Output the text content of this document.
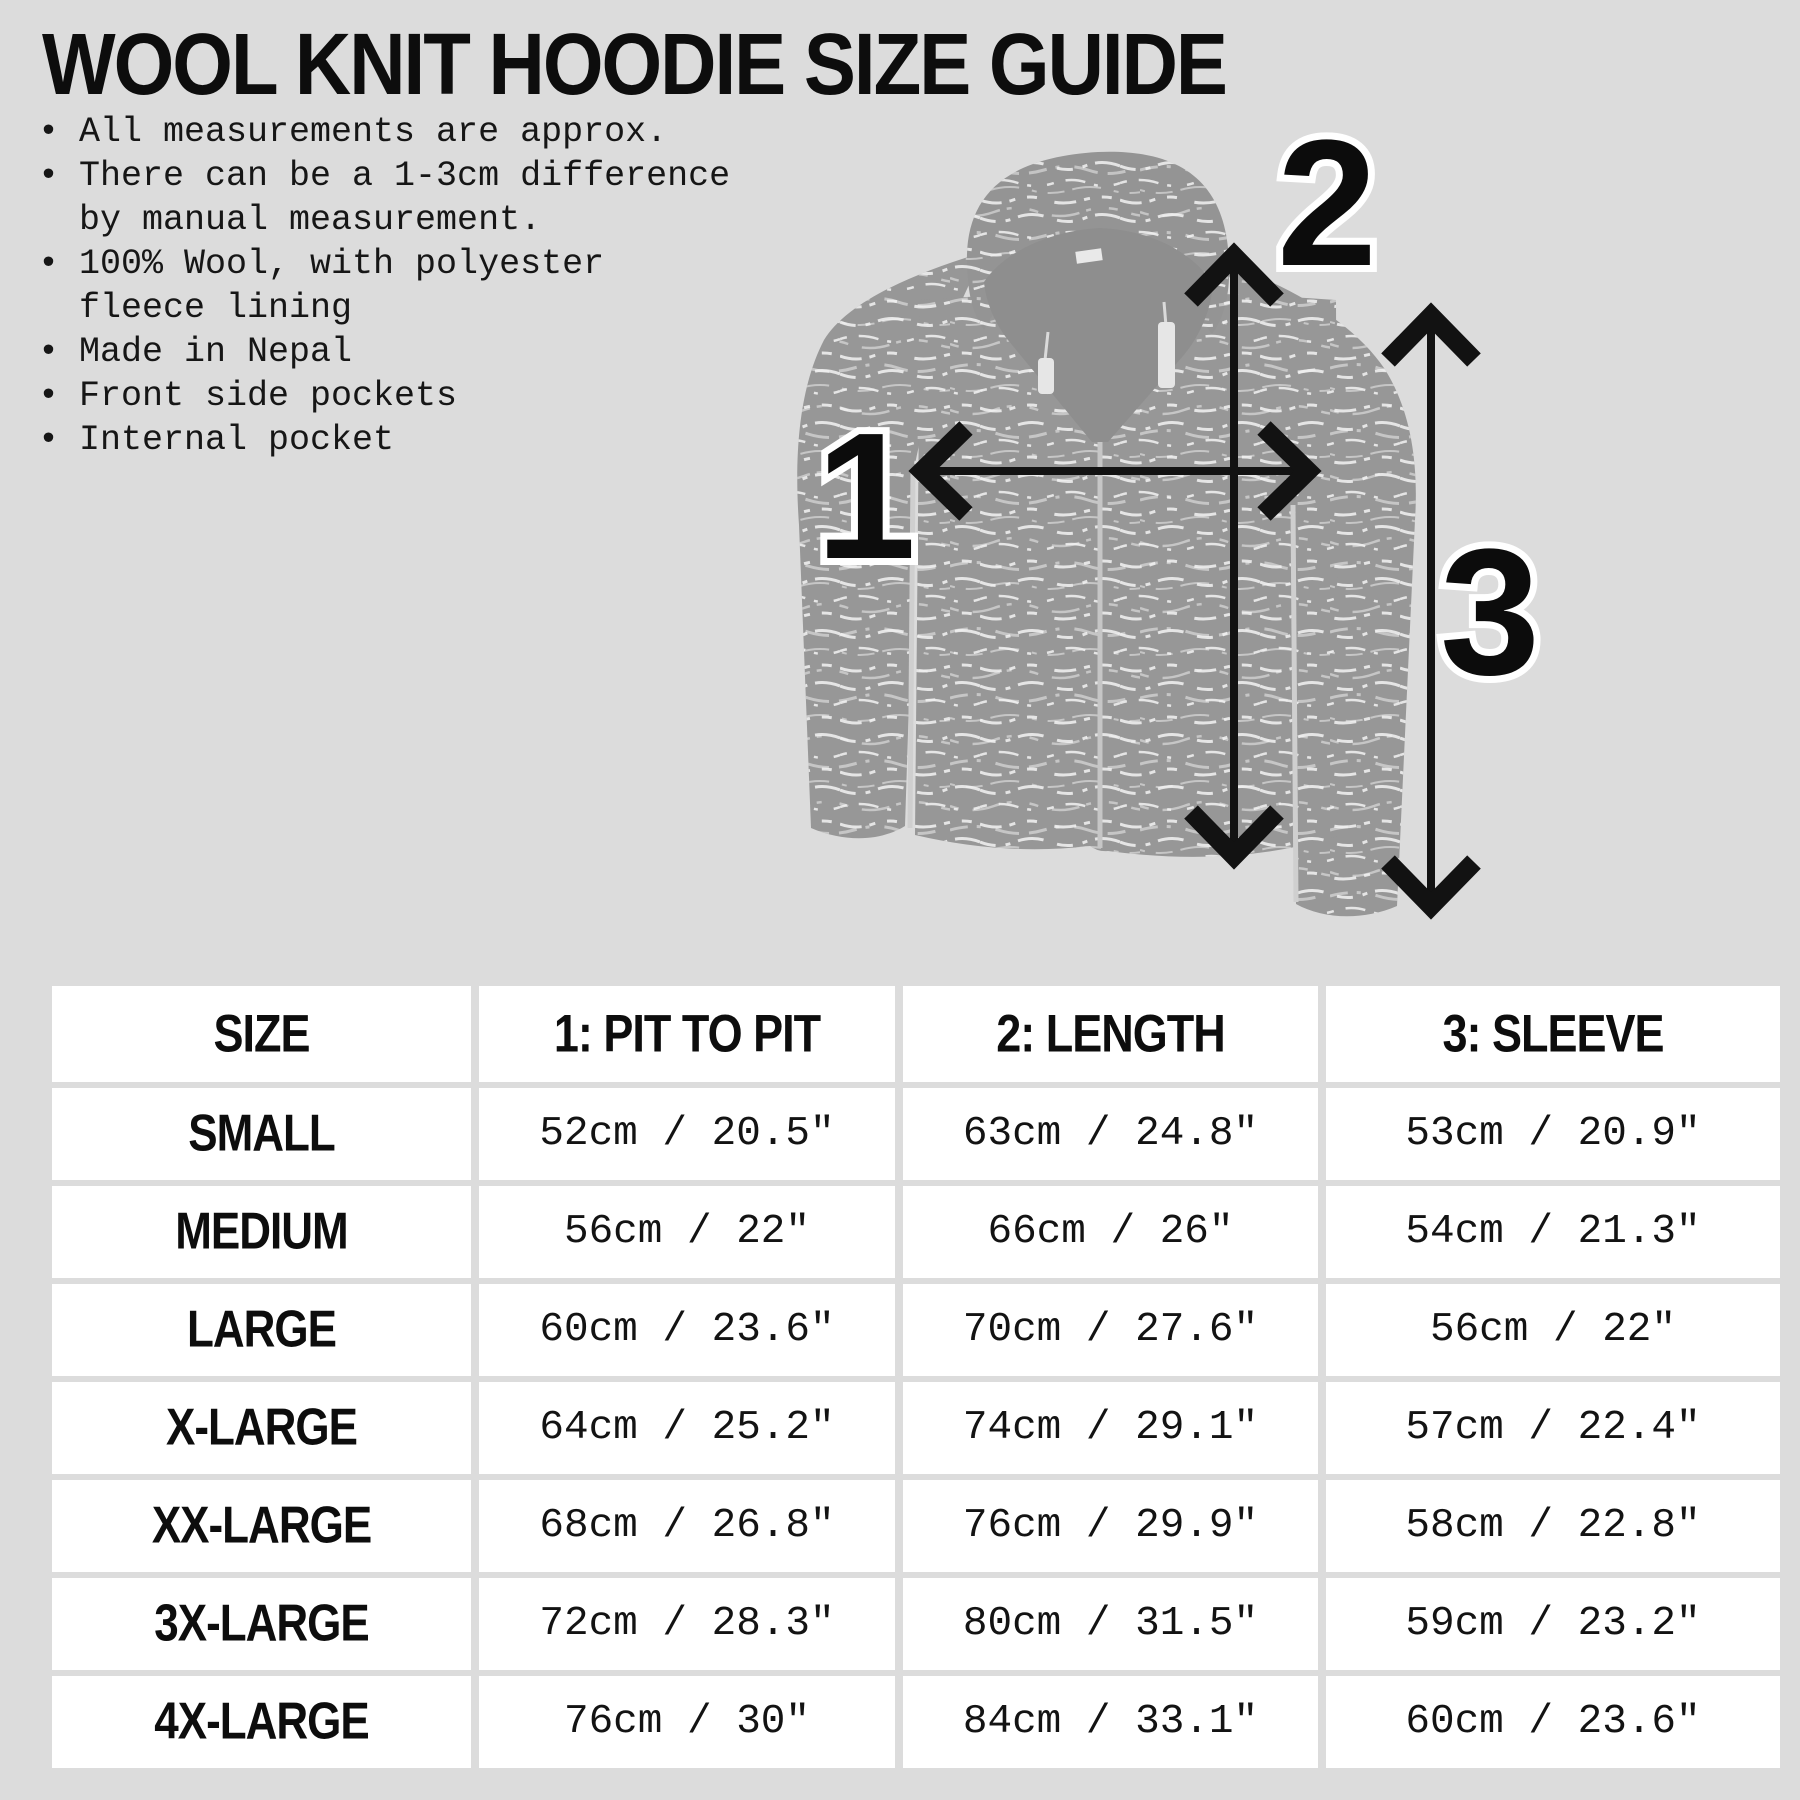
WOOL KNIT HOODIE SIZE GUIDE
• All measurements are approx.
• There can be a 1-3cm difference
by manual measurement.
• 100% Wool, with polyester
fleece lining
• Made in Nepal
• Front side pockets
• Internal pocket 1
2
3
SIZE	1: PIT TO PIT	2: LENGTH	3: SLEEVE
SMALL	52cm / 20.5"	63cm / 24.8"	53cm / 20.9"
MEDIUM	56cm / 22"	66cm / 26"	54cm / 21.3"
LARGE	60cm / 23.6"	70cm / 27.6"	56cm / 22"
X-LARGE	64cm / 25.2"	74cm / 29.1"	57cm / 22.4"
XX-LARGE	68cm / 26.8"	76cm / 29.9"	58cm / 22.8"
3X-LARGE	72cm / 28.3"	80cm / 31.5"	59cm / 23.2"
4X-LARGE	76cm / 30"	84cm / 33.1"	60cm / 23.6"
